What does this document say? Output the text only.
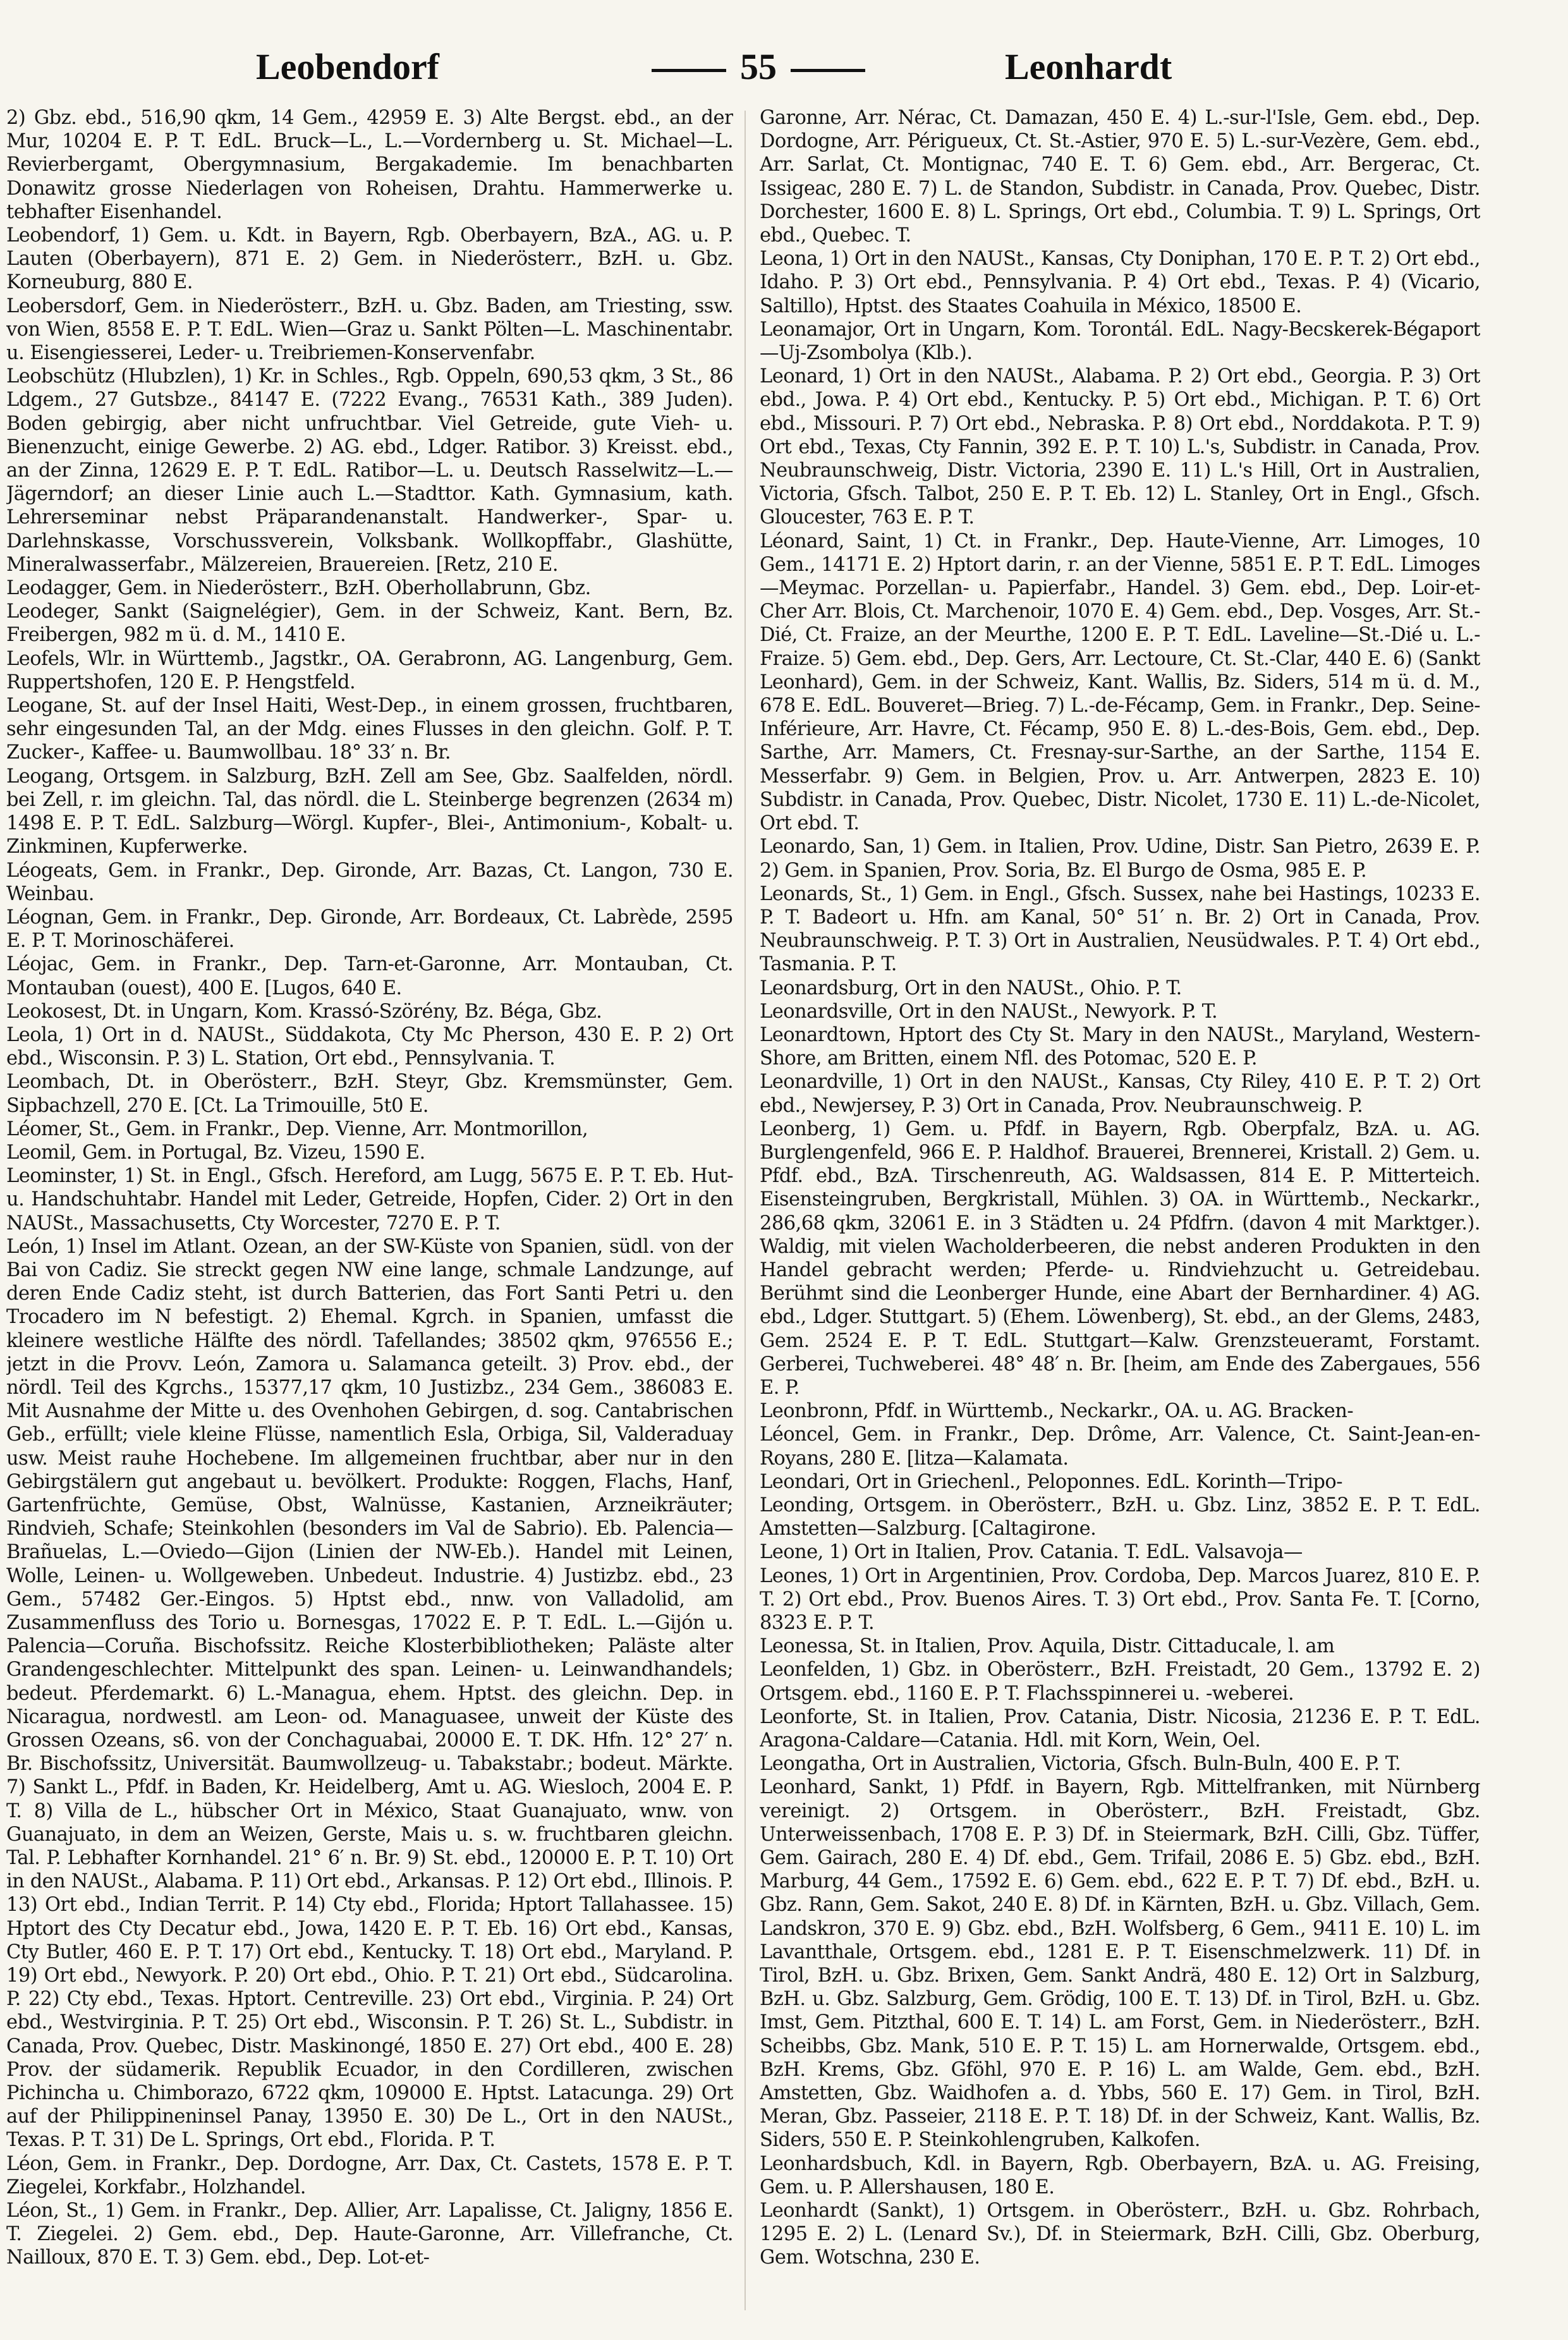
Leobendorf	55	Leonhardt

2) Gbz. ebd., 516,90 qkm, 14 Gem., 42959 E. 3) Alte Bergst. ebd., an der Mur, 10204 E. P. T. EdL. Bruck—L., L.—Vordernberg u. St. Michael—L. Revierbergamt, Obergymnasium, Bergakademie. Im benachbarten Donawitz grosse Niederlagen von Roheisen, Drahtu. Hammerwerke u. tebhafter Eisenhandel.

Leobendorf, 1) Gem. u. Kdt. in Bayern, Rgb. Oberbayern, BzA., AG. u. P. Lauten (Oberbayern), 871 E. 2) Gem. in Niederösterr., BzH. u. Gbz. Korneuburg, 880 E.

Leobersdorf, Gem. in Niederösterr., BzH. u. Gbz. Baden, am Triesting, ssw. von Wien, 8558 E. P. T. EdL. Wien—Graz u. Sankt Pölten—L. Maschinentabr. u. Eisengiesserei, Leder- u. Treibriemen-Konservenfabr.

Leobschütz (Hlubzlen), 1) Kr. in Schles., Rgb. Oppeln, 690,53 qkm, 3 St., 86 Ldgem., 27 Gutsbze., 84147 E. (7222 Evang., 76531 Kath., 389 Juden). Boden gebirgig, aber nicht unfruchtbar. Viel Getreide, gute Vieh- u. Bienenzucht, einige Gewerbe. 2) AG. ebd., Ldger. Ratibor. 3) Kreisst. ebd., an der Zinna, 12629 E. P. T. EdL. Ratibor—L. u. Deutsch Rasselwitz—L.—Jägerndorf; an dieser Linie auch L.—Stadttor. Kath. Gymnasium, kath. Lehrerseminar nebst Präparandenanstalt. Handwerker-, Spar- u. Darlehnskasse, Vorschussverein, Volksbank. Wollkopffabr., Glashütte, Mineralwasserfabr., Mälzereien, Brauereien. [Retz, 210 E.

Leodagger, Gem. in Niederösterr., BzH. Oberhollabrunn, Gbz.

Leodeger, Sankt (Saignelégier), Gem. in der Schweiz, Kant. Bern, Bz. Freibergen, 982 m ü. d. M., 1410 E.

Leofels, Wlr. in Württemb., Jagstkr., OA. Gerabronn, AG. Langenburg, Gem. Ruppertshofen, 120 E. P. Hengstfeld.

Leogane, St. auf der Insel Haiti, West-Dep., in einem grossen, fruchtbaren, sehr eingesunden Tal, an der Mdg. eines Flusses in den gleichn. Golf. P. T. Zucker-, Kaffee- u. Baumwollbau. 18° 33′ n. Br.

Leogang, Ortsgem. in Salzburg, BzH. Zell am See, Gbz. Saalfelden, nördl. bei Zell, r. im gleichn. Tal, das nördl. die L. Steinberge begrenzen (2634 m) 1498 E. P. T. EdL. Salzburg—Wörgl. Kupfer-, Blei-, Antimonium-, Kobalt- u. Zinkminen, Kupferwerke.

Léogeats, Gem. in Frankr., Dep. Gironde, Arr. Bazas, Ct. Langon, 730 E. Weinbau.

Léognan, Gem. in Frankr., Dep. Gironde, Arr. Bordeaux, Ct. Labrède, 2595 E. P. T. Morinoschäferei.

Léojac, Gem. in Frankr., Dep. Tarn-et-Garonne, Arr. Montauban, Ct. Montauban (ouest), 400 E. [Lugos, 640 E.

Leokosest, Dt. in Ungarn, Kom. Krassó-Szörény, Bz. Béga, Gbz.

Leola, 1) Ort in d. NAUSt., Süddakota, Cty Mc Pherson, 430 E. P. 2) Ort ebd., Wisconsin. P. 3) L. Station, Ort ebd., Pennsylvania. T.

Leombach, Dt. in Oberösterr., BzH. Steyr, Gbz. Kremsmünster, Gem. Sipbachzell, 270 E. [Ct. La Trimouille, 5t0 E.

Léomer, St., Gem. in Frankr., Dep. Vienne, Arr. Montmorillon,

Leomil, Gem. in Portugal, Bz. Vizeu, 1590 E.

Leominster, 1) St. in Engl., Gfsch. Hereford, am Lugg, 5675 E. P. T. Eb. Hut- u. Handschuhtabr. Handel mit Leder, Getreide, Hopfen, Cider. 2) Ort in den NAUSt., Massachusetts, Cty Worcester, 7270 E. P. T.

León, 1) Insel im Atlant. Ozean, an der SW-Küste von Spanien, südl. von der Bai von Cadiz. Sie streckt gegen NW eine lange, schmale Landzunge, auf deren Ende Cadiz steht, ist durch Batterien, das Fort Santi Petri u. den Trocadero im N befestigt. 2) Ehemal. Kgrch. in Spanien, umfasst die kleinere westliche Hälfte des nördl. Tafellandes; 38502 qkm, 976556 E.; jetzt in die Provv. León, Zamora u. Salamanca geteilt. 3) Prov. ebd., der nördl. Teil des Kgrchs., 15377,17 qkm, 10 Justizbz., 234 Gem., 386083 E. Mit Ausnahme der Mitte u. des Ovenhohen Gebirgen, d. sog. Cantabrischen Geb., erfüllt; viele kleine Flüsse, namentlich Esla, Orbiga, Sil, Valderaduay usw. Meist rauhe Hochebene. Im allgemeinen fruchtbar, aber nur in den Gebirgstälern gut angebaut u. bevölkert. Produkte: Roggen, Flachs, Hanf, Gartenfrüchte, Gemüse, Obst, Walnüsse, Kastanien, Arzneikräuter; Rindvieh, Schafe; Steinkohlen (besonders im Val de Sabrio). Eb. Palencia—Brañuelas, L.—Oviedo—Gijon (Linien der NW-Eb.). Handel mit Leinen, Wolle, Leinen- u. Wollgeweben. Unbedeut. Industrie. 4) Justizbz. ebd., 23 Gem., 57482 Ger.-Eingos. 5) Hptst ebd., nnw. von Valladolid, am Zusammenfluss des Torio u. Bornesgas, 17022 E. P. T. EdL. L.—Gijón u. Palencia—Coruña. Bischofssitz. Reiche Klosterbibliotheken; Paläste alter Grandengeschlechter. Mittelpunkt des span. Leinen- u. Leinwandhandels; bedeut. Pferdemarkt. 6) L.-Managua, ehem. Hptst. des gleichn. Dep. in Nicaragua, nordwestl. am Leon- od. Managuasee, unweit der Küste des Grossen Ozeans, s6. von der Conchaguabai, 20000 E. T. DK. Hfn. 12° 27′ n. Br. Bischofssitz, Universität. Baumwollzeug- u. Tabakstabr.; bodeut. Märkte. 7) Sankt L., Pfdf. in Baden, Kr. Heidelberg, Amt u. AG. Wiesloch, 2004 E. P. T. 8) Villa de L., hübscher Ort in México, Staat Guanajuato, wnw. von Guanajuato, in dem an Weizen, Gerste, Mais u. s. w. fruchtbaren gleichn. Tal. P. Lebhafter Kornhandel. 21° 6′ n. Br. 9) St. ebd., 120000 E. P. T. 10) Ort in den NAUSt., Alabama. P. 11) Ort ebd., Arkansas. P. 12) Ort ebd., Illinois. P. 13) Ort ebd., Indian Territ. P. 14) Cty ebd., Florida; Hptort Tallahassee. 15) Hptort des Cty Decatur ebd., Jowa, 1420 E. P. T. Eb. 16) Ort ebd., Kansas, Cty Butler, 460 E. P. T. 17) Ort ebd., Kentucky. T. 18) Ort ebd., Maryland. P. 19) Ort ebd., Newyork. P. 20) Ort ebd., Ohio. P. T. 21) Ort ebd., Südcarolina. P. 22) Cty ebd., Texas. Hptort. Centreville. 23) Ort ebd., Virginia. P. 24) Ort ebd., Westvirginia. P. T. 25) Ort ebd., Wisconsin. P. T. 26) St. L., Subdistr. in Canada, Prov. Quebec, Distr. Maskinongé, 1850 E. 27) Ort ebd., 400 E. 28) Prov. der südamerik. Republik Ecuador, in den Cordilleren, zwischen Pichincha u. Chimborazo, 6722 qkm, 109000 E. Hptst. Latacunga. 29) Ort auf der Philippineninsel Panay, 13950 E. 30) De L., Ort in den NAUSt., Texas. P. T. 31) De L. Springs, Ort ebd., Florida. P. T.

Léon, Gem. in Frankr., Dep. Dordogne, Arr. Dax, Ct. Castets, 1578 E. P. T. Ziegelei, Korkfabr., Holzhandel.

Léon, St., 1) Gem. in Frankr., Dep. Allier, Arr. Lapalisse, Ct. Jaligny, 1856 E. T. Ziegelei. 2) Gem. ebd., Dep. Haute-Garonne, Arr. Villefranche, Ct. Nailloux, 870 E. T. 3) Gem. ebd., Dep. Lot-et-

Garonne, Arr. Nérac, Ct. Damazan, 450 E. 4) L.-sur-l'Isle, Gem. ebd., Dep. Dordogne, Arr. Périgueux, Ct. St.-Astier, 970 E. 5) L.-sur-Vezère, Gem. ebd., Arr. Sarlat, Ct. Montignac, 740 E. T. 6) Gem. ebd., Arr. Bergerac, Ct. Issigeac, 280 E. 7) L. de Standon, Subdistr. in Canada, Prov. Quebec, Distr. Dorchester, 1600 E. 8) L. Springs, Ort ebd., Columbia. T. 9) L. Springs, Ort ebd., Quebec. T.

Leona, 1) Ort in den NAUSt., Kansas, Cty Doniphan, 170 E. P. T. 2) Ort ebd., Idaho. P. 3) Ort ebd., Pennsylvania. P. 4) Ort ebd., Texas. P. 4) (Vicario, Saltillo), Hptst. des Staates Coahuila in México, 18500 E.

Leonamajor, Ort in Ungarn, Kom. Torontál. EdL. Nagy-Becskerek-Bégaport—Uj-Zsombolya (Klb.).

Leonard, 1) Ort in den NAUSt., Alabama. P. 2) Ort ebd., Georgia. P. 3) Ort ebd., Jowa. P. 4) Ort ebd., Kentucky. P. 5) Ort ebd., Michigan. P. T. 6) Ort ebd., Missouri. P. 7) Ort ebd., Nebraska. P. 8) Ort ebd., Norddakota. P. T. 9) Ort ebd., Texas, Cty Fannin, 392 E. P. T. 10) L.'s, Subdistr. in Canada, Prov. Neubraunschweig, Distr. Victoria, 2390 E. 11) L.'s Hill, Ort in Australien, Victoria, Gfsch. Talbot, 250 E. P. T. Eb. 12) L. Stanley, Ort in Engl., Gfsch. Gloucester, 763 E. P. T.

Léonard, Saint, 1) Ct. in Frankr., Dep. Haute-Vienne, Arr. Limoges, 10 Gem., 14171 E. 2) Hptort darin, r. an der Vienne, 5851 E. P. T. EdL. Limoges—Meymac. Porzellan- u. Papierfabr., Handel. 3) Gem. ebd., Dep. Loir-et-Cher Arr. Blois, Ct. Marchenoir, 1070 E. 4) Gem. ebd., Dep. Vosges, Arr. St.-Dié, Ct. Fraize, an der Meurthe, 1200 E. P. T. EdL. Laveline—St.-Dié u. L.-Fraize. 5) Gem. ebd., Dep. Gers, Arr. Lectoure, Ct. St.-Clar, 440 E. 6) (Sankt Leonhard), Gem. in der Schweiz, Kant. Wallis, Bz. Siders, 514 m ü. d. M., 678 E. EdL. Bouveret—Brieg. 7) L.-de-Fécamp, Gem. in Frankr., Dep. Seine-Inférieure, Arr. Havre, Ct. Fécamp, 950 E. 8) L.-des-Bois, Gem. ebd., Dep. Sarthe, Arr. Mamers, Ct. Fresnay-sur-Sarthe, an der Sarthe, 1154 E. Messerfabr. 9) Gem. in Belgien, Prov. u. Arr. Antwerpen, 2823 E. 10) Subdistr. in Canada, Prov. Quebec, Distr. Nicolet, 1730 E. 11) L.-de-Nicolet, Ort ebd. T.

Leonardo, San, 1) Gem. in Italien, Prov. Udine, Distr. San Pietro, 2639 E. P. 2) Gem. in Spanien, Prov. Soria, Bz. El Burgo de Osma, 985 E. P.

Leonards, St., 1) Gem. in Engl., Gfsch. Sussex, nahe bei Hastings, 10233 E. P. T. Badeort u. Hfn. am Kanal, 50° 51′ n. Br. 2) Ort in Canada, Prov. Neubraunschweig. P. T. 3) Ort in Australien, Neusüdwales. P. T. 4) Ort ebd., Tasmania. P. T.

Leonardsburg, Ort in den NAUSt., Ohio. P. T.

Leonardsville, Ort in den NAUSt., Newyork. P. T.

Leonardtown, Hptort des Cty St. Mary in den NAUSt., Maryland, Western-Shore, am Britten, einem Nfl. des Potomac, 520 E. P.

Leonardville, 1) Ort in den NAUSt., Kansas, Cty Riley, 410 E. P. T. 2) Ort ebd., Newjersey, P. 3) Ort in Canada, Prov. Neubraunschweig. P.

Leonberg, 1) Gem. u. Pfdf. in Bayern, Rgb. Oberpfalz, BzA. u. AG. Burglengenfeld, 966 E. P. Haldhof. Brauerei, Brennerei, Kristall. 2) Gem. u. Pfdf. ebd., BzA. Tirschenreuth, AG. Waldsassen, 814 E. P. Mitterteich. Eisensteingruben, Bergkristall, Mühlen. 3) OA. in Württemb., Neckarkr., 286,68 qkm, 32061 E. in 3 Städten u. 24 Pfdfrn. (davon 4 mit Marktger.). Waldig, mit vielen Wacholderbeeren, die nebst anderen Produkten in den Handel gebracht werden; Pferde- u. Rindviehzucht u. Getreidebau. Berühmt sind die Leonberger Hunde, eine Abart der Bernhardiner. 4) AG. ebd., Ldger. Stuttgart. 5) (Ehem. Löwenberg), St. ebd., an der Glems, 2483, Gem. 2524 E. P. T. EdL. Stuttgart—Kalw. Grenzsteueramt, Forstamt. Gerberei, Tuchweberei. 48° 48′ n. Br. [heim, am Ende des Zabergaues, 556 E. P.

Leonbronn, Pfdf. in Württemb., Neckarkr., OA. u. AG. Bracken-

Léoncel, Gem. in Frankr., Dep. Drôme, Arr. Valence, Ct. Saint-Jean-en-Royans, 280 E. [litza—Kalamata.

Leondari, Ort in Griechenl., Peloponnes. EdL. Korinth—Tripo-

Leonding, Ortsgem. in Oberösterr., BzH. u. Gbz. Linz, 3852 E. P. T. EdL. Amstetten—Salzburg. [Caltagirone.

Leone, 1) Ort in Italien, Prov. Catania. T. EdL. Valsavoja—

Leones, 1) Ort in Argentinien, Prov. Cordoba, Dep. Marcos Juarez, 810 E. P. T. 2) Ort ebd., Prov. Buenos Aires. T. 3) Ort ebd., Prov. Santa Fe. T. [Corno, 8323 E. P. T.

Leonessa, St. in Italien, Prov. Aquila, Distr. Cittaducale, l. am

Leonfelden, 1) Gbz. in Oberösterr., BzH. Freistadt, 20 Gem., 13792 E. 2) Ortsgem. ebd., 1160 E. P. T. Flachsspinnerei u. -weberei.

Leonforte, St. in Italien, Prov. Catania, Distr. Nicosia, 21236 E. P. T. EdL. Aragona-Caldare—Catania. Hdl. mit Korn, Wein, Oel.

Leongatha, Ort in Australien, Victoria, Gfsch. Buln-Buln, 400 E. P. T.

Leonhard, Sankt, 1) Pfdf. in Bayern, Rgb. Mittelfranken, mit Nürnberg vereinigt. 2) Ortsgem. in Oberösterr., BzH. Freistadt, Gbz. Unterweissenbach, 1708 E. P. 3) Df. in Steiermark, BzH. Cilli, Gbz. Tüffer, Gem. Gairach, 280 E. 4) Df. ebd., Gem. Trifail, 2086 E. 5) Gbz. ebd., BzH. Marburg, 44 Gem., 17592 E. 6) Gem. ebd., 622 E. P. T. 7) Df. ebd., BzH. u. Gbz. Rann, Gem. Sakot, 240 E. 8) Df. in Kärnten, BzH. u. Gbz. Villach, Gem. Landskron, 370 E. 9) Gbz. ebd., BzH. Wolfsberg, 6 Gem., 9411 E. 10) L. im Lavantthale, Ortsgem. ebd., 1281 E. P. T. Eisenschmelzwerk. 11) Df. in Tirol, BzH. u. Gbz. Brixen, Gem. Sankt Andrä, 480 E. 12) Ort in Salzburg, BzH. u. Gbz. Salzburg, Gem. Grödig, 100 E. T. 13) Df. in Tirol, BzH. u. Gbz. Imst, Gem. Pitzthal, 600 E. T. 14) L. am Forst, Gem. in Niederösterr., BzH. Scheibbs, Gbz. Mank, 510 E. P. T. 15) L. am Hornerwalde, Ortsgem. ebd., BzH. Krems, Gbz. Gföhl, 970 E. P. 16) L. am Walde, Gem. ebd., BzH. Amstetten, Gbz. Waidhofen a. d. Ybbs, 560 E. 17) Gem. in Tirol, BzH. Meran, Gbz. Passeier, 2118 E. P. T. 18) Df. in der Schweiz, Kant. Wallis, Bz. Siders, 550 E. P. Steinkohlengruben, Kalkofen.

Leonhardsbuch, Kdl. in Bayern, Rgb. Oberbayern, BzA. u. AG. Freising, Gem. u. P. Allershausen, 180 E.

Leonhardt (Sankt), 1) Ortsgem. in Oberösterr., BzH. u. Gbz. Rohrbach, 1295 E. 2) L. (Lenard Sv.), Df. in Steiermark, BzH. Cilli, Gbz. Oberburg, Gem. Wotschna, 230 E.
